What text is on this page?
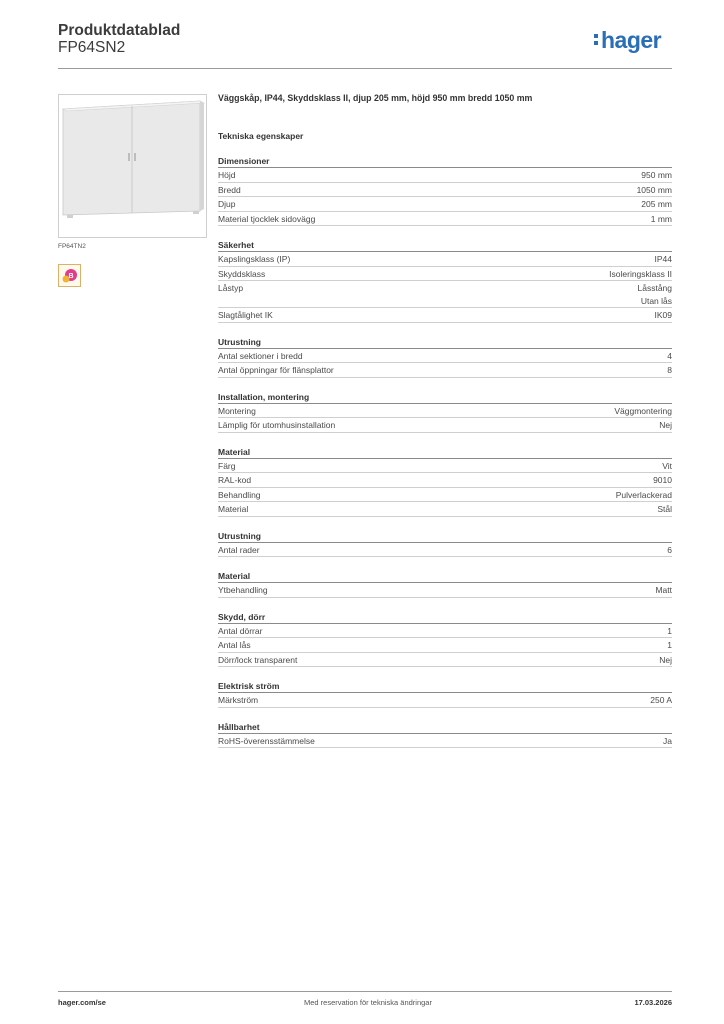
Produktdatablad
FP64SN2	hager
FP64TN2
B
Väggskåp, IP44, Skyddsklass II, djup 205 mm, höjd 950 mm bredd 1050 mm
Tekniska egenskaper
Dimensioner
Höjd	950 mm
Bredd	1050 mm
Djup	205 mm
Material tjocklek sidovägg	1 mm
Säkerhet
Kapslingsklass (IP)	IP44
Skyddsklass	Isoleringsklass II
Låstyp	Låsstång
Utan lås
Slagtålighet IK	IK09
Utrustning
Antal sektioner i bredd	4
Antal öppningar för flänsplattor	8
Installation, montering
Montering	Väggmontering
Lämplig för utomhusinstallation	Nej
Material
Färg	Vit
RAL-kod	9010
Behandling	Pulverlackerad
Material	Stål
Utrustning
Antal rader	6
Material
Ytbehandling	Matt
Skydd, dörr
Antal dörrar	1
Antal lås	1
Dörr/lock transparent	Nej
Elektrisk ström
Märkström	250 A
Hållbarhet
RoHS-överensstämmelse	Ja
hager.com/se	Med reservation för tekniska ändringar	17.03.2026
